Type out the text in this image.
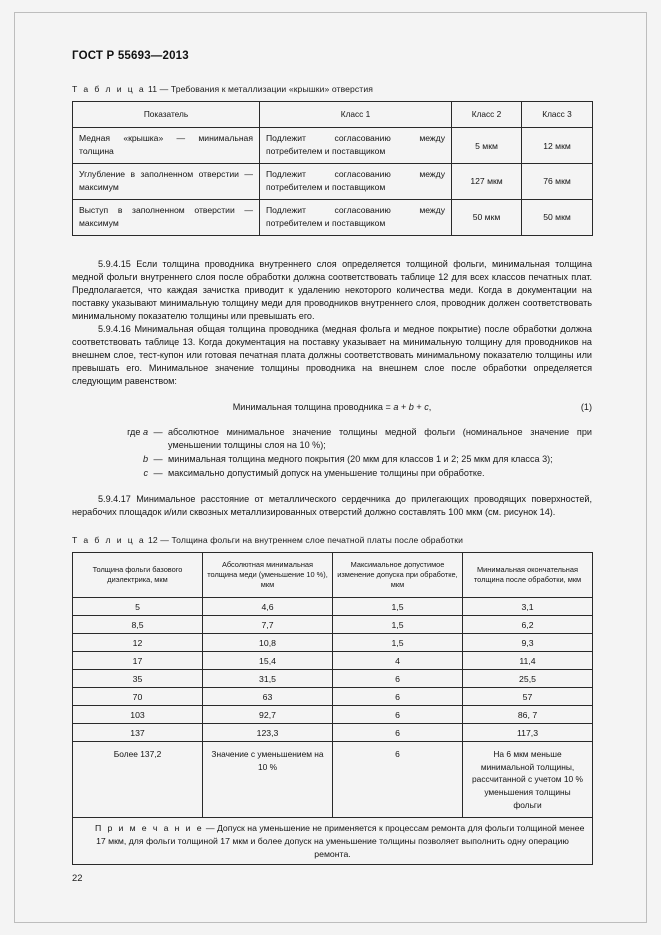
ГОСТ Р 55693—2013
Т а б л и ц а 11 — Требования к металлизации «крышки» отверстия
Показатель	Класс 1	Класс 2	Класс 3
Медная «крышка» — минимальная толщина	Подлежит согласованию между потребителем и поставщиком	5 мкм	12 мкм
Углубление в заполненном отверстии — максимум	Подлежит согласованию между потребителем и поставщиком	127 мкм	76 мкм
Выступ в заполненном отверстии — максимум	Подлежит согласованию между потребителем и поставщиком	50 мкм	50 мкм

5.9.4.15 Если толщина проводника внутреннего слоя определяется толщиной фольги, минимальная толщина медной фольги внутреннего слоя после обработки должна соответствовать таблице 12 для всех классов печатных плат. Предполагается, что каждая зачистка приводит к удалению некоторого количества меди. Когда в документации на поставку указывают минимальную толщину меди для проводников внутреннего слоя, проводник должен соответствовать минимальному показателю толщины или превышать его.

5.9.4.16 Минимальная общая толщина проводника (медная фольга и медное покрытие) после обработки должна соответствовать таблице 13. Когда документация на поставку указывает на минимальную толщину для проводников на внешнем слое, тест-купон или готовая печатная плата должны соответствовать минимальному показателю толщины или превышать его. Минимальное значение толщины проводника на внешнем слое после обработки определяется следующим равенством:

Минимальная толщина проводника = a + b + c,	(1)
где a — абсолютное минимальное значение толщины медной фольги (номинальное значение при уменьшении толщины слоя на 10 %);
b — минимальная толщина медного покрытия (20 мкм для классов 1 и 2; 25 мкм для класса 3);
c — максимально допустимый допуск на уменьшение толщины при обработке.

5.9.4.17 Минимальное расстояние от металлического сердечника до прилегающих проводящих поверхностей, нерабочих площадок и/или сквозных металлизированных отверстий должно составлять 100 мкм (см. рисунок 14).

Т а б л и ц а 12 — Толщина фольги на внутреннем слое печатной платы после обработки
Толщина фольги базового диэлектрика, мкм	Абсолютная минимальная толщина меди (уменьшение 10 %), мкм	Максимальное допустимое изменение допуска при обработке, мкм	Минимальная окончательная толщина после обработки, мкм
5	4,6	1,5	3,1
8,5	7,7	1,5	6,2
12	10,8	1,5	9,3
17	15,4	4	11,4
35	31,5	6	25,5
70	63	6	57
103	92,7	6	86, 7
137	123,3	6	117,3
Более 137,2	Значение с уменьшением на 10 %	6	На 6 мкм меньше минимальной толщины, рассчитанной с учетом 10 % уменьшения толщины фольги
П р и м е ч а н и е — Допуск на уменьшение не применяется к процессам ремонта для фольги толщиной менее 17 мкм, для фольги толщиной 17 мкм и более допуск на уменьшение толщины позволяет выполнить одну операцию ремонта.			
22
